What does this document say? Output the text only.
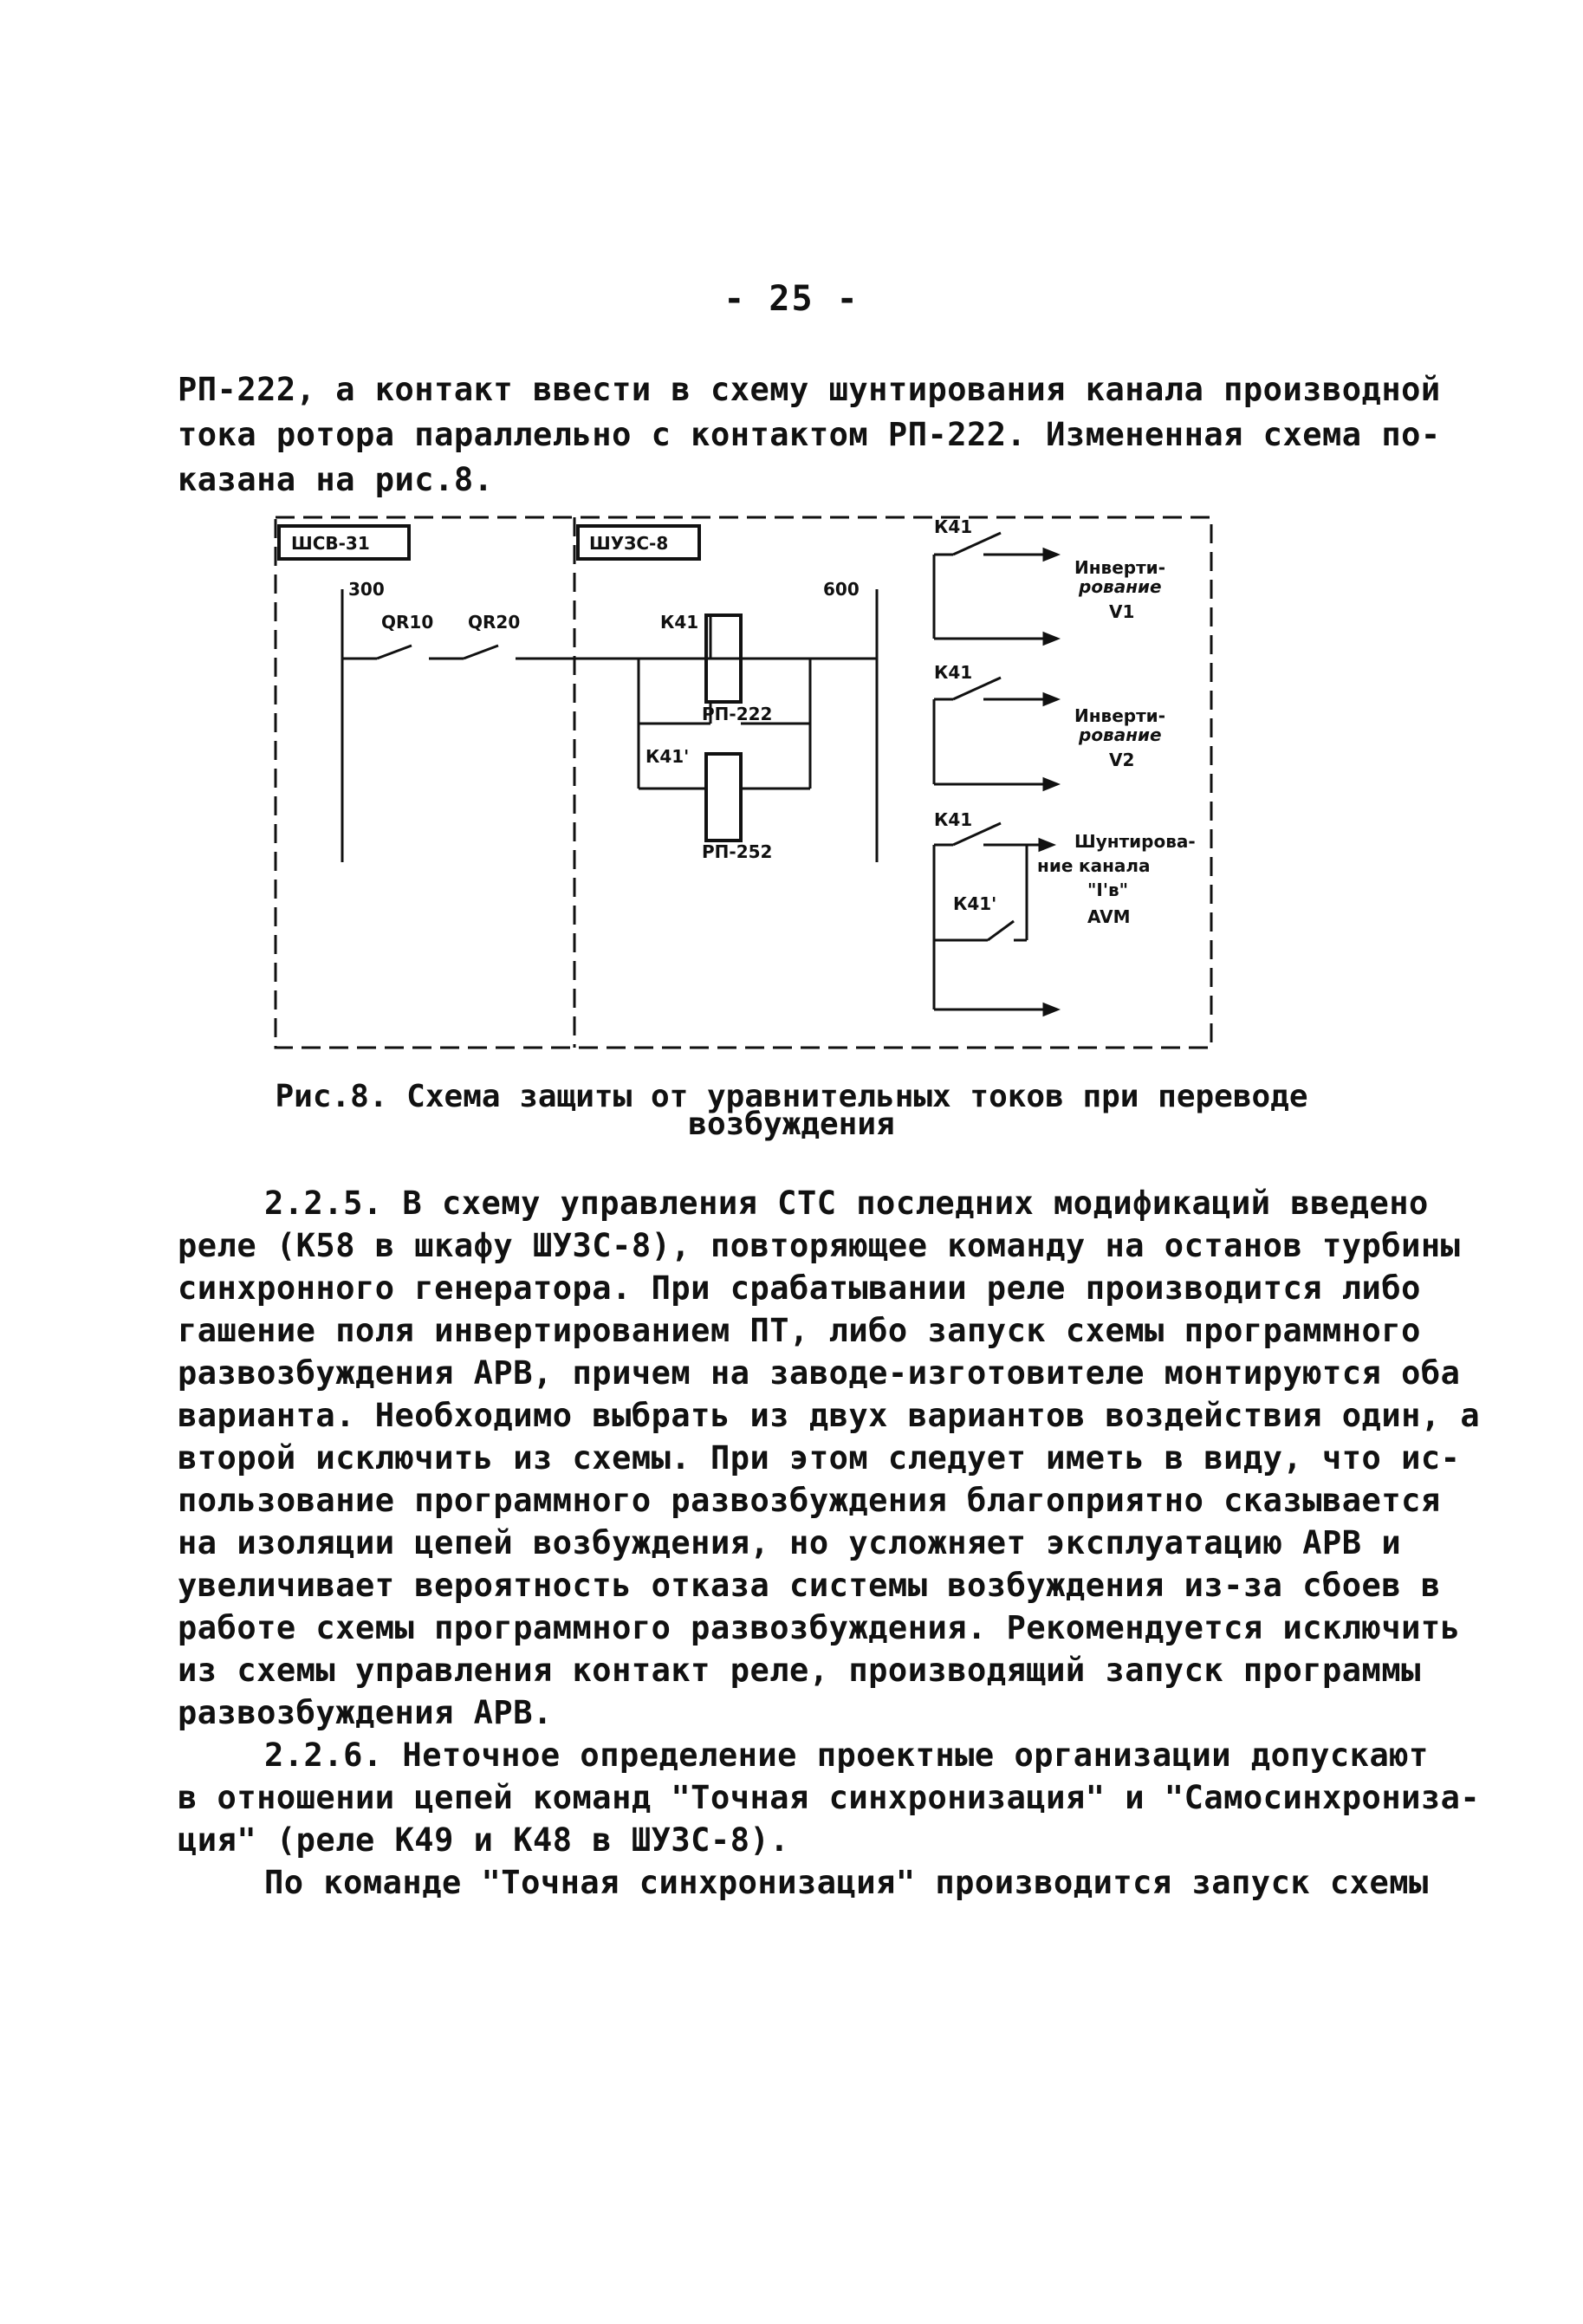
- 25 -
РП-222, а контакт ввести в схему шунтирования канала производной
тока ротора параллельно с контактом РП-222. Измененная схема по-
казана на рис.8.
ШСВ-31	ШУЗС-8
300	600
QR10 QR20	К41
РП-222
К41'
РП-252
К41
К41
К41
К41'
Инверти-
рование
V1
Инверти-
рование
V2
Шунтирова-
ние канала
"I'в"
AVM
Рис.8. Схема защиты от уравнительных токов при переводе
возбуждения
2.2.5. В схему управления СТС последних модификаций введено
реле (К58 в шкафу ШУЗС-8), повторяющее команду на останов турбины
синхронного генератора. При срабатывании реле производится либо
гашение поля инвертированием ПТ, либо запуск схемы программного
развозбуждения АРВ, причем на заводе-изготовителе монтируются оба
варианта. Необходимо выбрать из двух вариантов воздействия один, а
второй исключить из схемы. При этом следует иметь в виду, что ис-
пользование программного развозбуждения благоприятно сказывается
на изоляции цепей возбуждения, но усложняет эксплуатацию АРВ и
увеличивает вероятность отказа системы возбуждения из-за сбоев в
работе схемы программного развозбуждения. Рекомендуется исключить
из схемы управления контакт реле, производящий запуск программы
развозбуждения АРВ.
2.2.6. Неточное определение проектные организации допускают
в отношении цепей команд "Точная синхронизация" и "Самосинхрониза-
ция" (реле К49 и К48 в ШУЗС-8).
По команде "Точная синхронизация" производится запуск схемы
